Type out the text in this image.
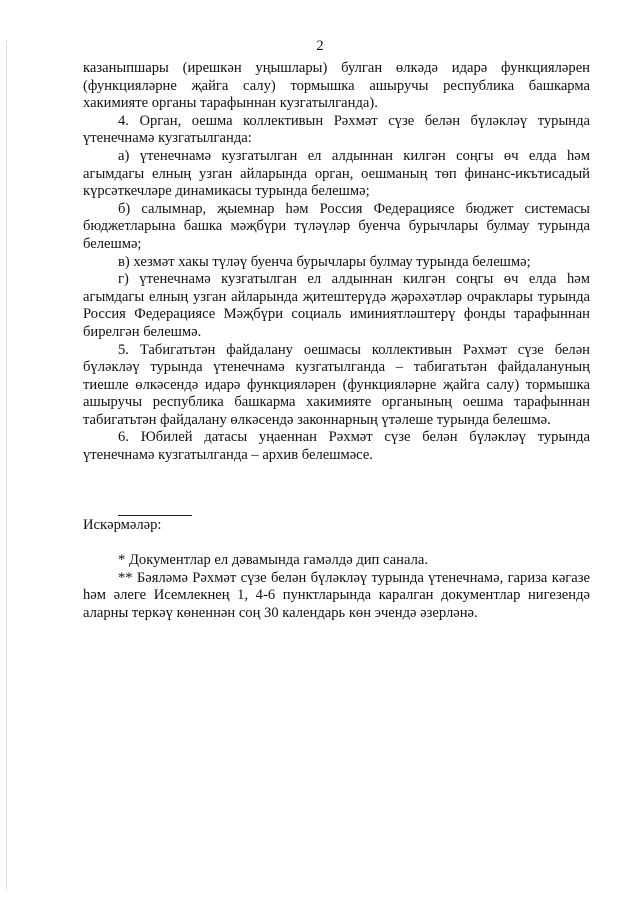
2

казаныпшары (ирешкән уңышлары) булган өлкәдә идарә функцияләрен (функцияләрне җайга салу) тормышка ашыручы республика башкарма хакимияте органы тарафыннан кузгатылганда).

4. Орган, оешма коллективын Рәхмәт сүзе белән бүләкләү турында үтенечнамә кузгатылганда:

а) үтенечнамә кузгатылган ел алдыннан килгән соңгы өч елда һәм агымдагы елның узган айларында орган, оешманың төп финанс-икътисадый күрсәткечләре динамикасы турында белешмә;

б) салымнар, җыемнар һәм Россия Федерациясе бюджет системасы бюджетларына башка мәҗбүри түләүләр буенча бурычлары булмау турында белешмә;

в) хезмәт хакы түләү буенча бурычлары булмау турында белешмә;

г) үтенечнамә кузгатылган ел алдыннан килгән соңгы өч елда һәм агымдагы елның узган айларында җитештерүдә җәрәхәтләр очраклары турында Россия Федерациясе Мәҗбүри социаль иминиятләштерү фонды тарафыннан бирелгән белешмә.

5. Табигатьтән файдалану оешмасы коллективын Рәхмәт сүзе белән бүләкләү турында үтенечнамә кузгатылганда – табигатьтән файдалануның тиешле өлкәсендә идарә функцияләрен (функцияләрне җайга салу) тормышка ашыручы республика башкарма хакимияте органының оешма тарафыннан табигатьтән файдалану өлкәсендә законнарның үтәлеше турында белешмә.

6. Юбилей датасы уңаеннан Рәхмәт сүзе белән бүләкләү турында үтенечнамә кузгатылганда – архив белешмәсе.

Искәрмәләр:

* Документлар ел дәвамында гамәлдә дип санала.

** Бәяләмә Рәхмәт сүзе белән бүләкләү турында үтенечнамә, гариза кәгазе һәм әлеге Исемлекнең 1, 4-6 пунктларында каралган документлар нигезендә аларны теркәү көненнән соң 30 календарь көн эчендә әзерләнә.
